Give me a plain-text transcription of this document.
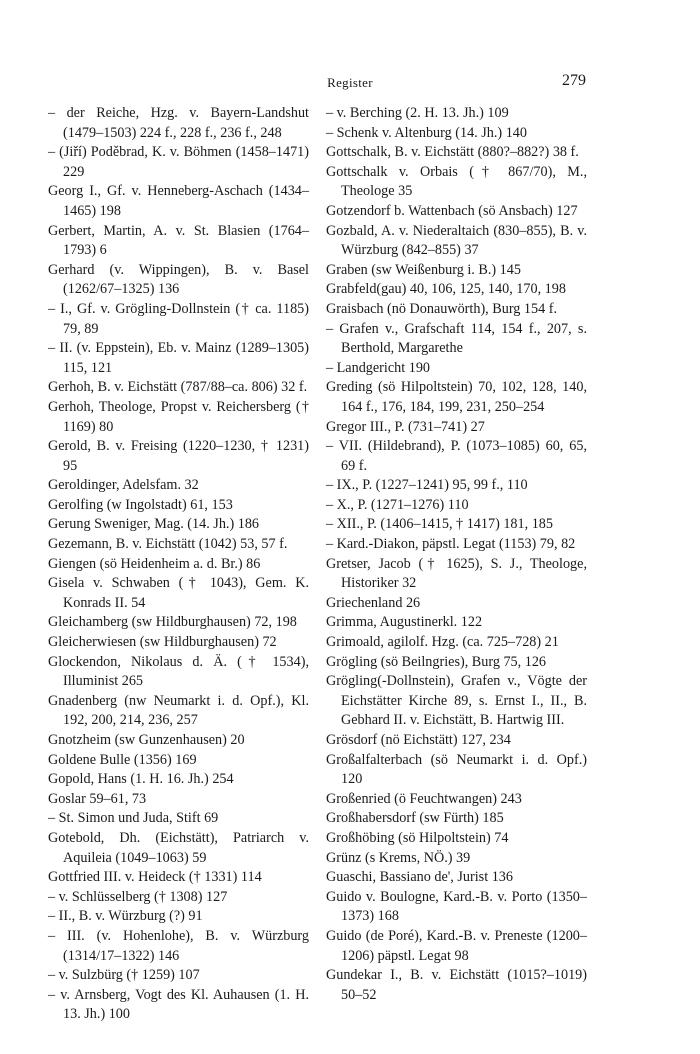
Register	279

– der Reiche, Hzg. v. Bayern-Landshut (1479–1503) 224 f., 228 f., 236 f., 248

– (Jiří) Poděbrad, K. v. Böhmen (1458–1471) 229

Georg I., Gf. v. Henneberg-Aschach (1434–1465) 198

Gerbert, Martin, A. v. St. Blasien (1764–1793) 6

Gerhard (v. Wippingen), B. v. Basel (1262/67–1325) 136

– I., Gf. v. Grögling-Dollnstein († ca. 1185) 79, 89

– II. (v. Eppstein), Eb. v. Mainz (1289–1305) 115, 121

Gerhoh, B. v. Eichstätt (787/88–ca. 806) 32 f.

Gerhoh, Theologe, Propst v. Reichersberg († 1169) 80

Gerold, B. v. Freising (1220–1230, † 1231) 95

Geroldinger, Adelsfam. 32

Gerolfing (w Ingolstadt) 61, 153

Gerung Sweniger, Mag. (14. Jh.) 186

Gezemann, B. v. Eichstätt (1042) 53, 57 f.

Giengen (sö Heidenheim a. d. Br.) 86

Gisela v. Schwaben († 1043), Gem. K. Konrads II. 54

Gleichamberg (sw Hildburghausen) 72, 198

Gleicherwiesen (sw Hildburghausen) 72

Glockendon, Nikolaus d. Ä. († 1534), Illuminist 265

Gnadenberg (nw Neumarkt i. d. Opf.), Kl. 192, 200, 214, 236, 257

Gnotzheim (sw Gunzenhausen) 20

Goldene Bulle (1356) 169

Gopold, Hans (1. H. 16. Jh.) 254

Goslar 59–61, 73

– St. Simon und Juda, Stift 69

Gotebold, Dh. (Eichstätt), Patriarch v. Aquileia (1049–1063) 59

Gottfried III. v. Heideck († 1331) 114

– v. Schlüsselberg († 1308) 127

– II., B. v. Würzburg (?) 91

– III. (v. Hohenlohe), B. v. Würzburg (1314/17–1322) 146

– v. Sulzbürg († 1259) 107

– v. Arnsberg, Vogt des Kl. Auhausen (1. H. 13. Jh.) 100

– v. Berching (2. H. 13. Jh.) 109

– Schenk v. Altenburg (14. Jh.) 140

Gottschalk, B. v. Eichstätt (880?–882?) 38 f.

Gottschalk v. Orbais († 867/70), M., Theologe 35

Gotzendorf b. Wattenbach (sö Ansbach) 127

Gozbald, A. v. Niederaltaich (830–855), B. v. Würzburg (842–855) 37

Graben (sw Weißenburg i. B.) 145

Grabfeld(gau) 40, 106, 125, 140, 170, 198

Graisbach (nö Donauwörth), Burg 154 f.

– Grafen v., Grafschaft 114, 154 f., 207, s. Berthold, Margarethe

– Landgericht 190

Greding (sö Hilpoltstein) 70, 102, 128, 140, 164 f., 176, 184, 199, 231, 250–254

Gregor III., P. (731–741) 27

– VII. (Hildebrand), P. (1073–1085) 60, 65, 69 f.

– IX., P. (1227–1241) 95, 99 f., 110

– X., P. (1271–1276) 110

– XII., P. (1406–1415, † 1417) 181, 185

– Kard.-Diakon, päpstl. Legat (1153) 79, 82

Gretser, Jacob († 1625), S. J., Theologe, Historiker 32

Griechenland 26

Grimma, Augustinerkl. 122

Grimoald, agilolf. Hzg. (ca. 725–728) 21

Grögling (sö Beilngries), Burg 75, 126

Grögling(-Dollnstein), Grafen v., Vögte der Eichstätter Kirche 89, s. Ernst I., II., B. Gebhard II. v. Eichstätt, B. Hartwig III.

Grösdorf (nö Eichstätt) 127, 234

Großalfalterbach (sö Neumarkt i. d. Opf.) 120

Großenried (ö Feuchtwangen) 243

Großhabersdorf (sw Fürth) 185

Großhöbing (sö Hilpoltstein) 74

Grünz (s Krems, NÖ.) 39

Guaschi, Bassiano de', Jurist 136

Guido v. Boulogne, Kard.-B. v. Porto (1350–1373) 168

Guido (de Poré), Kard.-B. v. Preneste (1200–1206) päpstl. Legat 98

Gundekar I., B. v. Eichstätt (1015?–1019) 50–52
